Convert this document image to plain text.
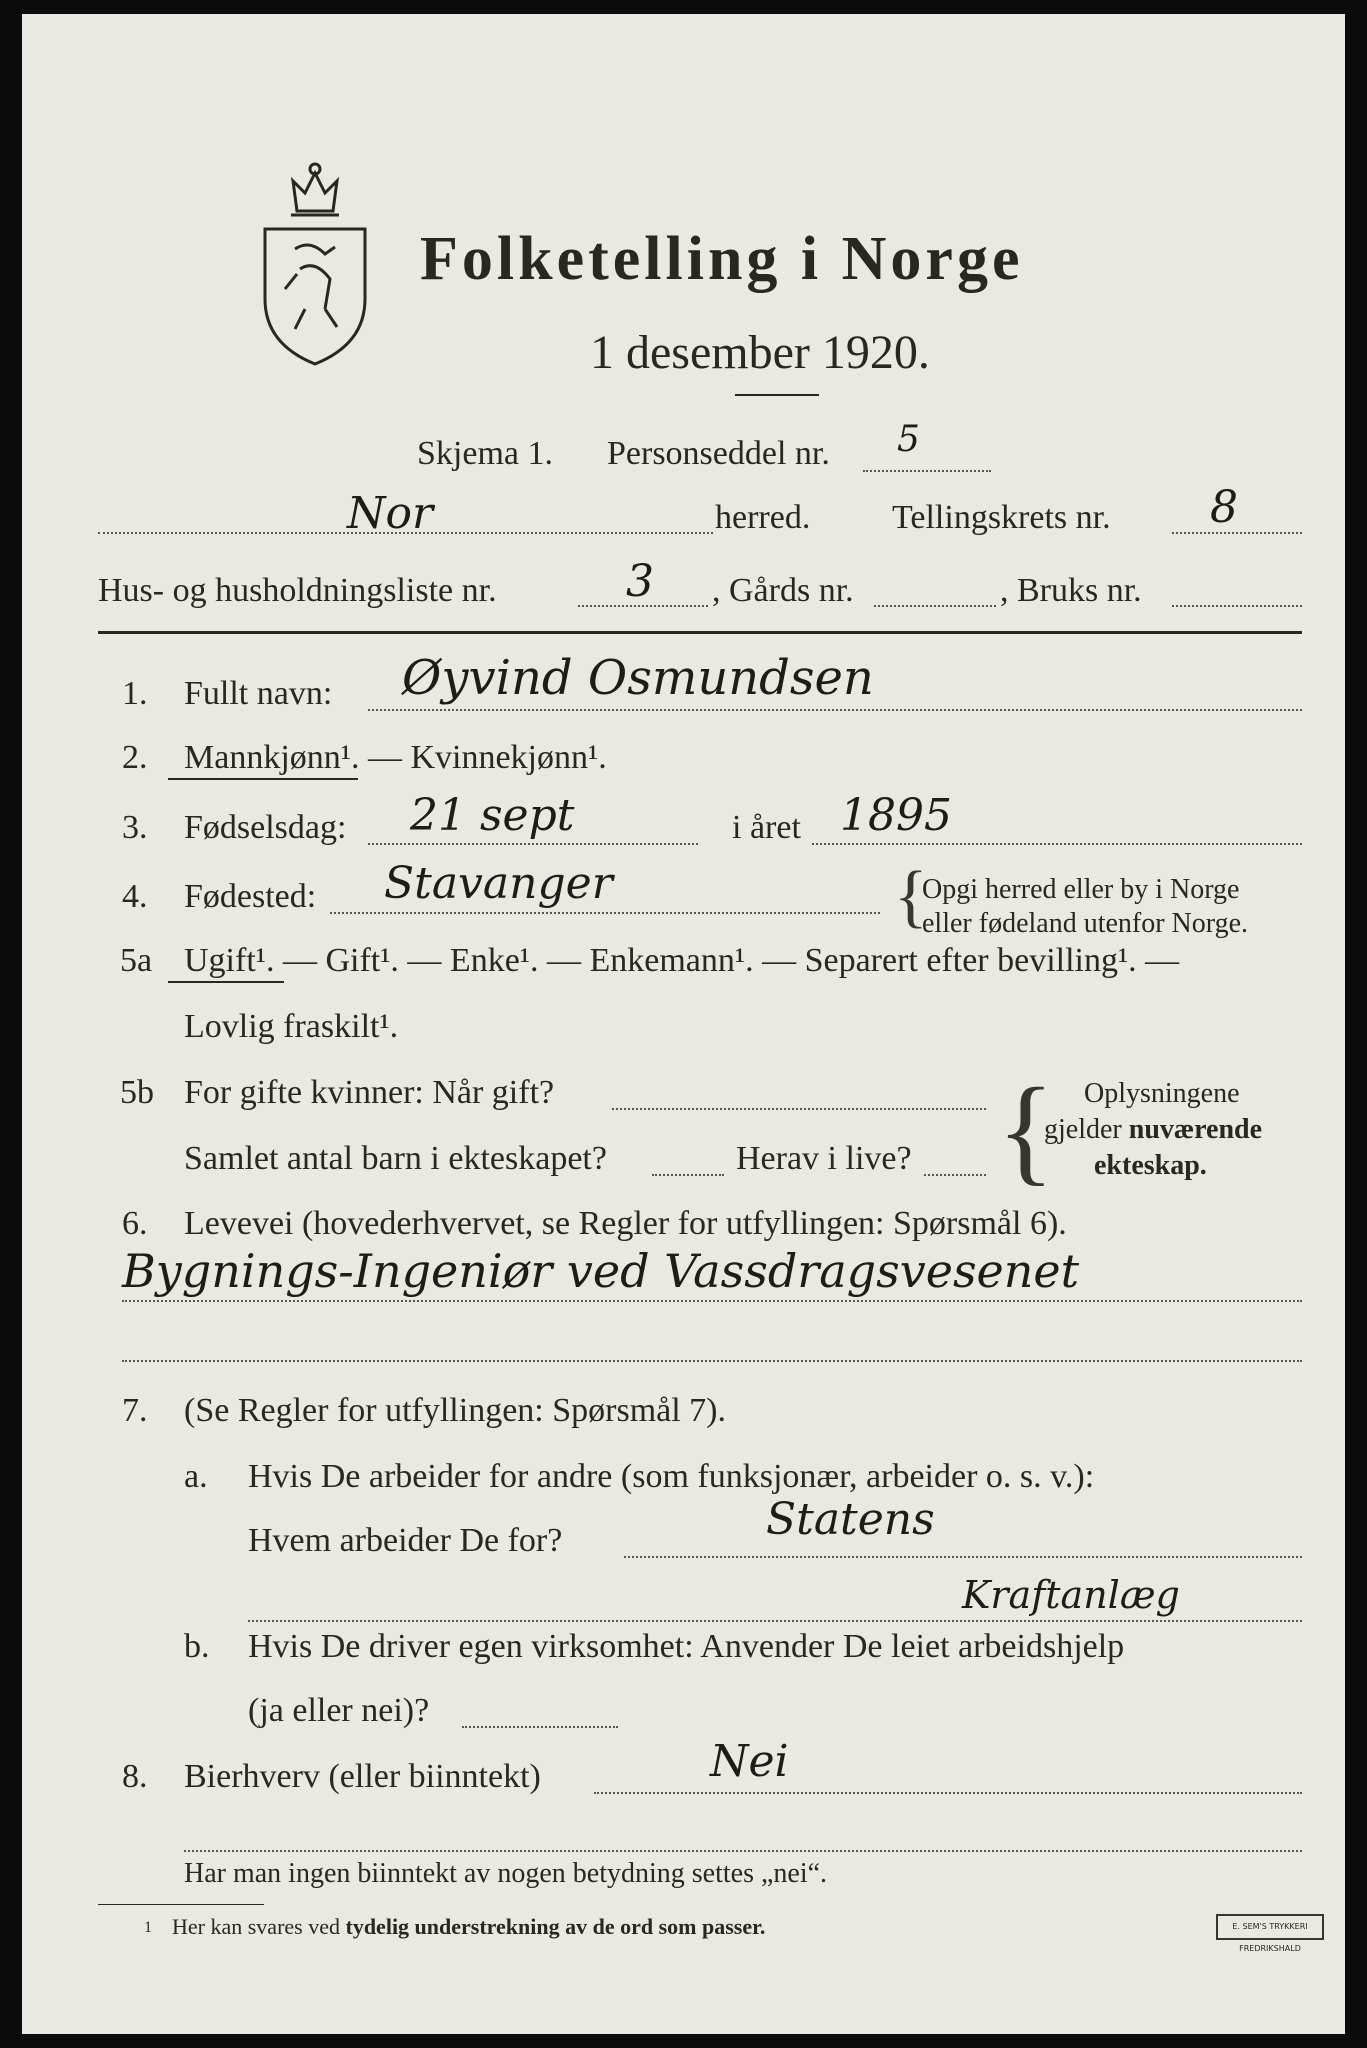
Folketelling i Norge
1 desember 1920.
Skjema 1. Personseddel nr. 5
Nor	herred. Tellingskrets nr. 8
Hus- og husholdningsliste nr.	3 , Gårds nr.	, Bruks nr.
1. Fullt navn: Øyvind Osmundsen
2. Mannkjønn¹. — Kvinnekjønn¹.
3. Fødselsdag: 21 sept	i året 1895
4. Fødested: Stavanger	{
Opgi herred eller by i Norge
eller fødeland utenfor Norge.
5a Ugift¹. — Gift¹. — Enke¹. — Enkemann¹. — Separert efter bevilling¹. —
Lovlig fraskilt¹.
5b For gifte kvinner: Når gift?
Samlet antal barn i ekteskapet?	Herav i live? { Oplysningene
gjelder nuværende
ekteskap.
6. Levevei (hovederhvervet, se Regler for utfyllingen: Spørsmål 6).
Bygnings-Ingeniør ved Vassdragsvesenet
7. (Se Regler for utfyllingen: Spørsmål 7).
a. Hvis De arbeider for andre (som funksjonær, arbeider o. s. v.):
Hvem arbeider De for?	Statens
Kraftanlæg
b. Hvis De driver egen virksomhet: Anvender De leiet arbeidshjelp
(ja eller nei)?
8. Bierhverv (eller biinntekt)	Nei
Har man ingen biinntekt av nogen betydning settes „nei“.
1 Her kan svares ved tydelig understrekning av de ord som passer.	E. SEM'S TRYKKERI FREDRIKSHALD
